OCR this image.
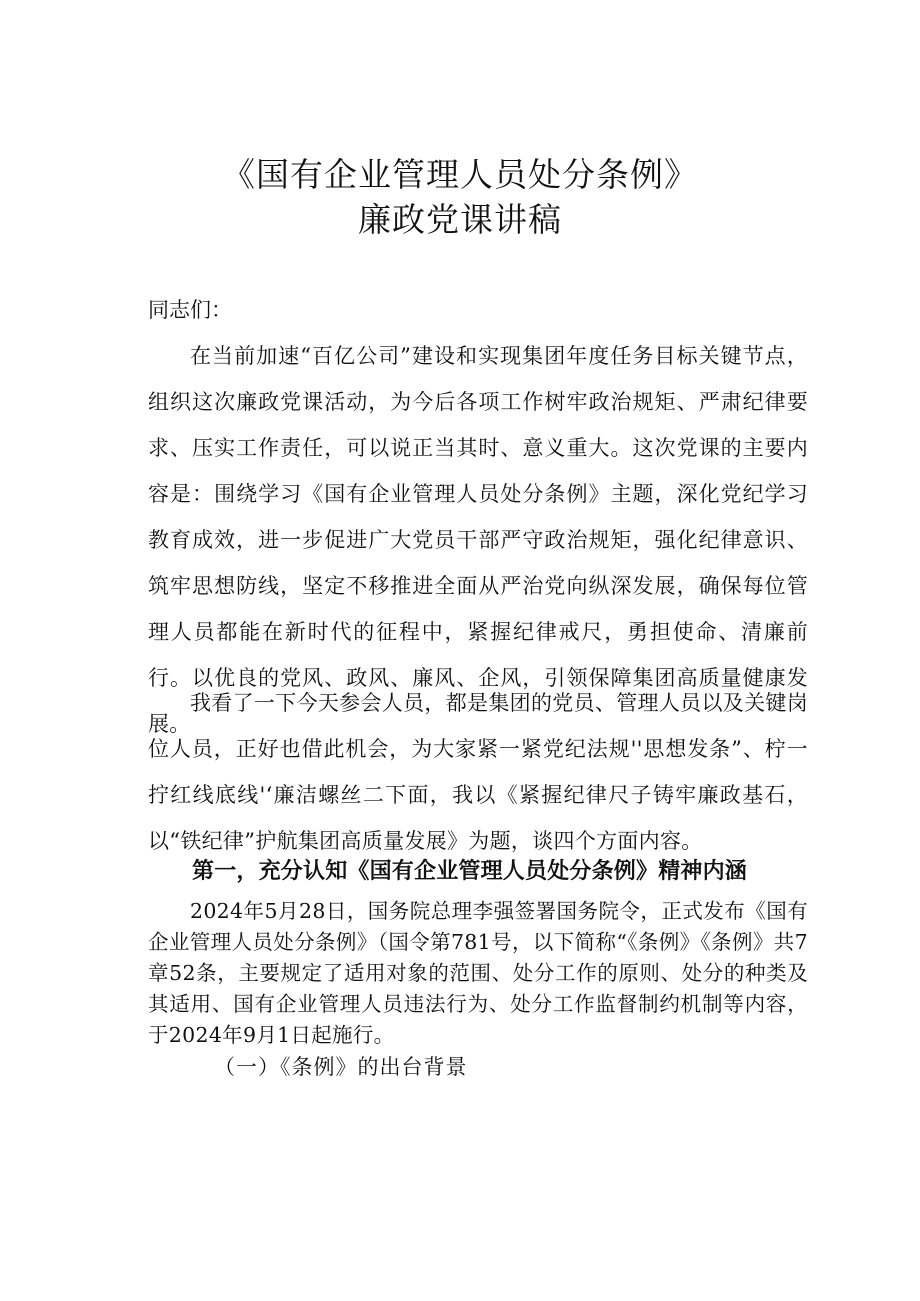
《国有企业管理人员处分条例》
廉政党课讲稿

同志们：

在当前加速“百亿公司”建设和实现集团年度任务目标关键节点，组织这次廉政党课活动，为今后各项工作树牢政治规矩、严肃纪律要求、压实工作责任，可以说正当其时、意义重大。这次党课的主要内容是：围绕学习《国有企业管理人员处分条例》主题，深化党纪学习教育成效，进一步促进广大党员干部严守政治规矩，强化纪律意识、筑牢思想防线，坚定不移推进全面从严治党向纵深发展，确保每位管理人员都能在新时代的征程中，紧握纪律戒尺，勇担使命、清廉前行。以优良的党风、政风、廉风、企风，引领保障集团高质量健康发展。

我看了一下今天参会人员，都是集团的党员、管理人员以及关键岗位人员，正好也借此机会，为大家紧一紧党纪法规''思想发条”、柠一拧红线底线'‘廉洁螺丝二下面，我以《紧握纪律尺子铸牢廉政基石，以“铁纪律”护航集团高质量发展》为题，谈四个方面内容。

第一，充分认知《国有企业管理人员处分条例》精神内涵

2024年5月28日，国务院总理李强签署国务院令，正式发布《国有企业管理人员处分条例》（国令第781号，以下简称“《条例》《条例》共7章52条，主要规定了适用对象的范围、处分工作的原则、处分的种类及其适用、国有企业管理人员违法行为、处分工作监督制约机制等内容，于2024年9月1日起施行。

（一）《条例》的出台背景
